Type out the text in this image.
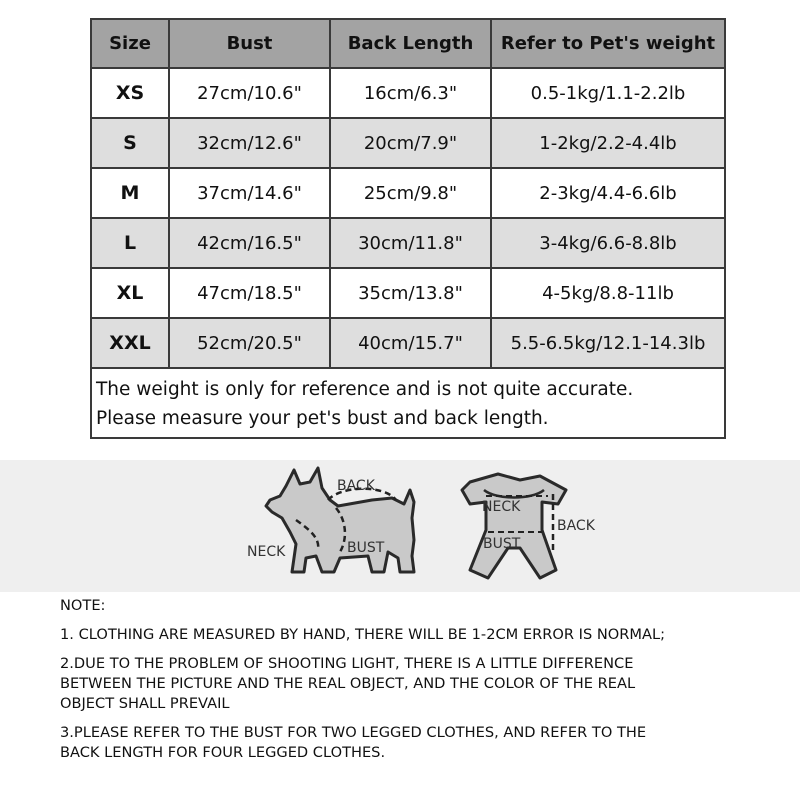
Size	Bust	Back Length	Refer to Pet's weight
XS	27cm/10.6"	16cm/6.3"	0.5-1kg/1.1-2.2lb
S	32cm/12.6"	20cm/7.9"	1-2kg/2.2-4.4lb
M	37cm/14.6"	25cm/9.8"	2-3kg/4.4-6.6lb
L	42cm/16.5"	30cm/11.8"	3-4kg/6.6-8.8lb
XL	47cm/18.5"	35cm/13.8"	4-5kg/8.8-11lb
XXL	52cm/20.5"	40cm/15.7"	5.5-6.5kg/12.1-14.3lb

The weight is only for reference and is not quite accurate.
Please measure your pet's bust and back length.			
BACK
NECK	BUST
NECK
BACK
BUST
NOTE:
1. CLOTHING ARE MEASURED BY HAND, THERE WILL BE 1-2CM ERROR IS NORMAL;
2.DUE TO THE PROBLEM OF SHOOTING LIGHT, THERE IS A LITTLE DIFFERENCE
BETWEEN THE PICTURE AND THE REAL OBJECT, AND THE COLOR OF THE REAL
OBJECT SHALL PREVAIL
3.PLEASE REFER TO THE BUST FOR TWO LEGGED CLOTHES, AND REFER TO THE
BACK LENGTH FOR FOUR LEGGED CLOTHES.
